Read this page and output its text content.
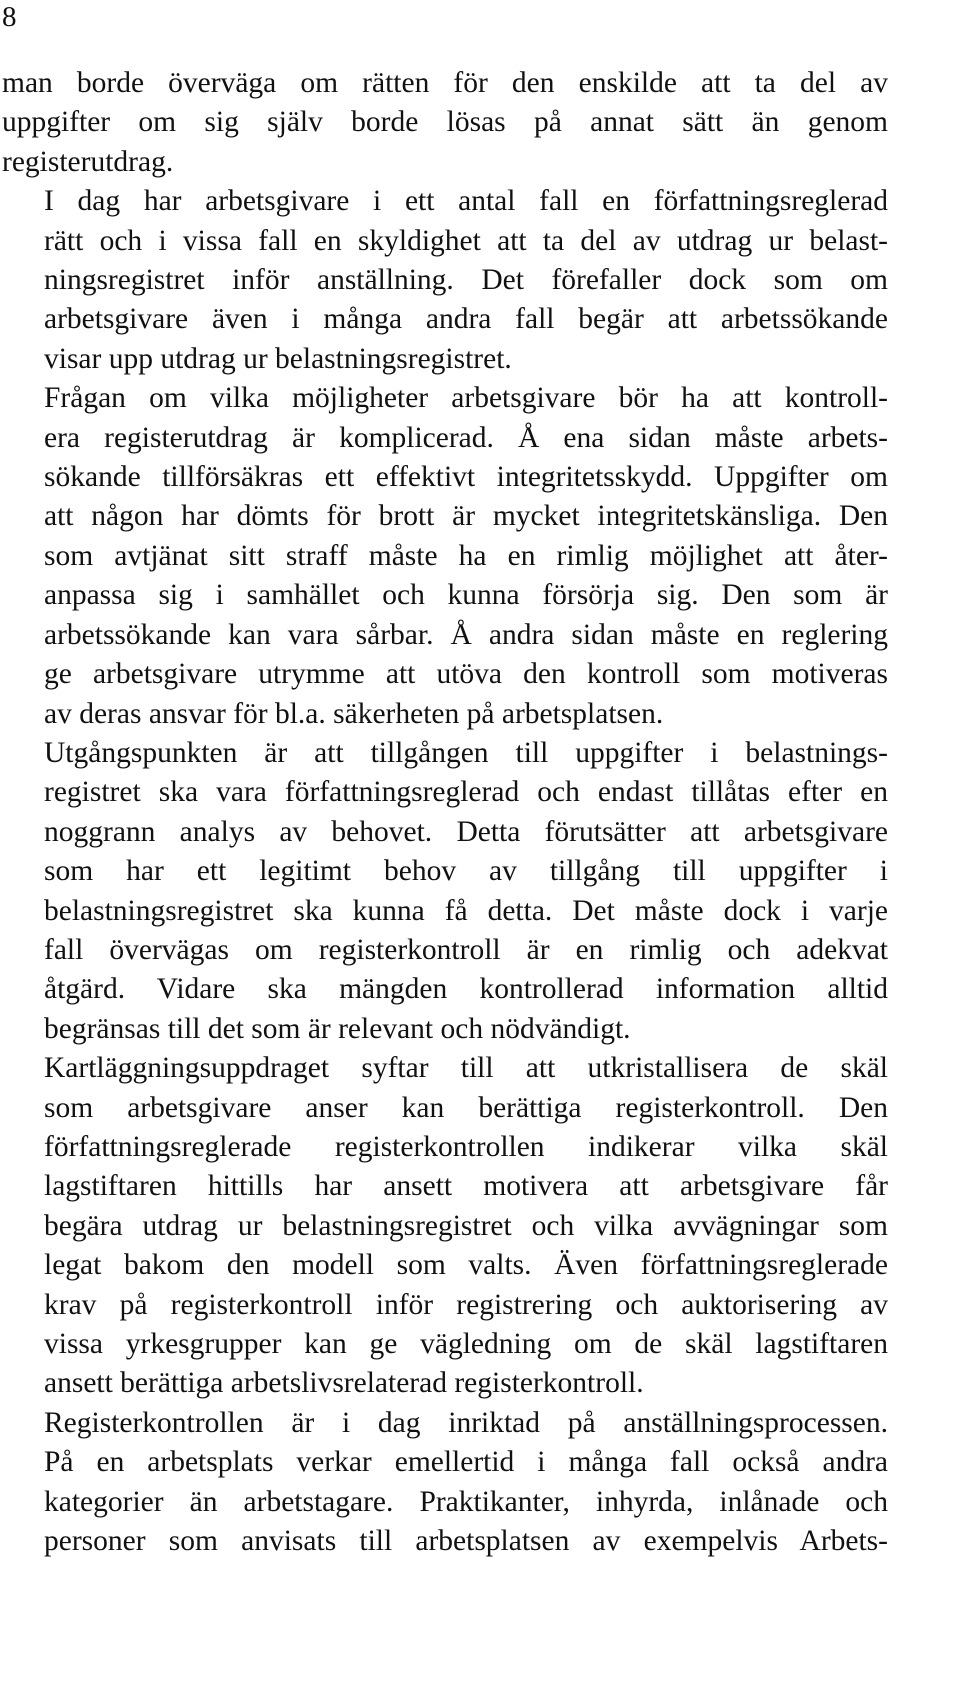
8

man borde överväga om rätten för den enskilde att ta del av
uppgifter om sig själv borde lösas på annat sätt än genom
registerutdrag.

I dag har arbetsgivare i ett antal fall en författningsreglerad
rätt och i vissa fall en skyldighet att ta del av utdrag ur belast-
ningsregistret inför anställning. Det förefaller dock som om
arbetsgivare även i många andra fall begär att arbetssökande
visar upp utdrag ur belastningsregistret.

Frågan om vilka möjligheter arbetsgivare bör ha att kontroll-
era registerutdrag är komplicerad. Å ena sidan måste arbets-
sökande tillförsäkras ett effektivt integritetsskydd. Uppgifter om
att någon har dömts för brott är mycket integritetskänsliga. Den
som avtjänat sitt straff måste ha en rimlig möjlighet att åter-
anpassa sig i samhället och kunna försörja sig. Den som är
arbetssökande kan vara sårbar. Å andra sidan måste en reglering
ge arbetsgivare utrymme att utöva den kontroll som motiveras
av deras ansvar för bl.a. säkerheten på arbetsplatsen.

Utgångspunkten är att tillgången till uppgifter i belastnings-
registret ska vara författningsreglerad och endast tillåtas efter en
noggrann analys av behovet. Detta förutsätter att arbetsgivare
som har ett legitimt behov av tillgång till uppgifter i
belastningsregistret ska kunna få detta. Det måste dock i varje
fall övervägas om registerkontroll är en rimlig och adekvat
åtgärd. Vidare ska mängden kontrollerad information alltid
begränsas till det som är relevant och nödvändigt.

Kartläggningsuppdraget syftar till att utkristallisera de skäl
som arbetsgivare anser kan berättiga registerkontroll. Den
författningsreglerade registerkontrollen indikerar vilka skäl
lagstiftaren hittills har ansett motivera att arbetsgivare får
begära utdrag ur belastningsregistret och vilka avvägningar som
legat bakom den modell som valts. Även författningsreglerade
krav på registerkontroll inför registrering och auktorisering av
vissa yrkesgrupper kan ge vägledning om de skäl lagstiftaren
ansett berättiga arbetslivsrelaterad registerkontroll.

Registerkontrollen är i dag inriktad på anställningsprocessen.
På en arbetsplats verkar emellertid i många fall också andra
kategorier än arbetstagare. Praktikanter, inhyrda, inlånade och
personer som anvisats till arbetsplatsen av exempelvis Arbets-
